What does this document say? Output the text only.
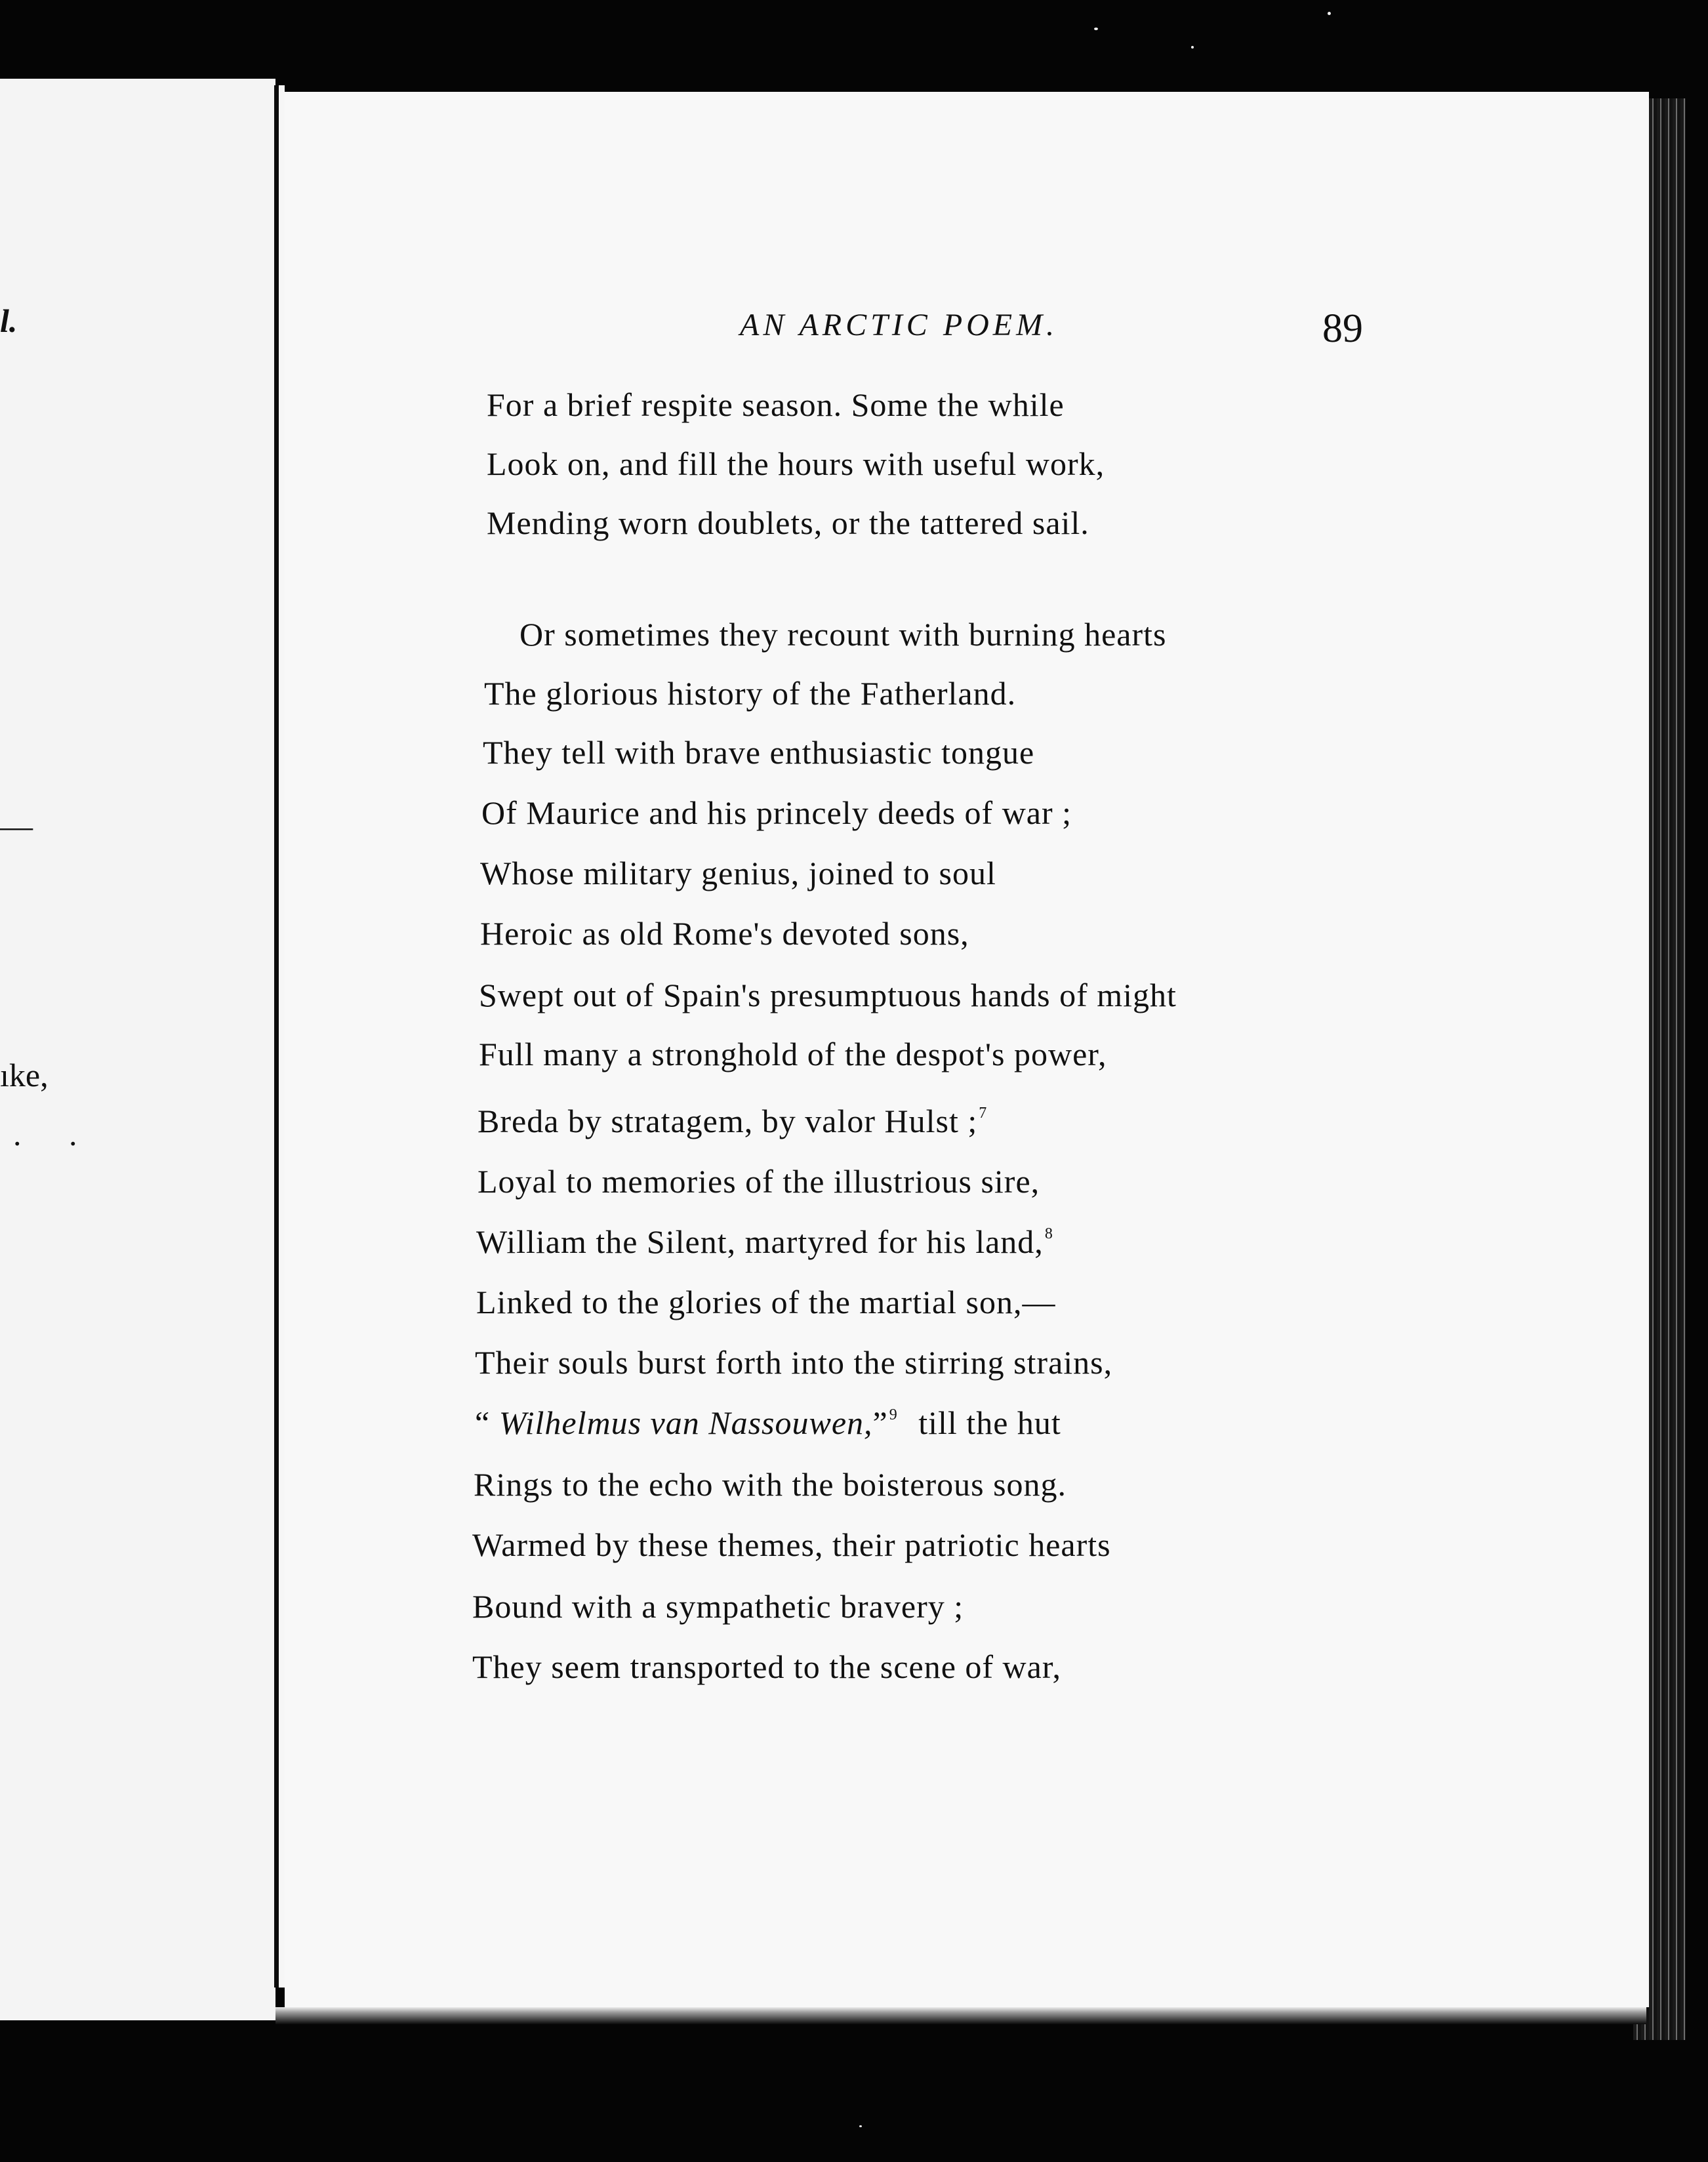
l.
—
ıke,
. .
AN ARCTIC POEM.	89
For a brief respite season. Some the while
Look on, and fill the hours with useful work,
Mending worn doublets, or the tattered sail.
Or sometimes they recount with burning hearts
The glorious history of the Fatherland.
They tell with brave enthusiastic tongue
Of Maurice and his princely deeds of war ;
Whose military genius, joined to soul
Heroic as old Rome's devoted sons,
Swept out of Spain's presumptuous hands of might
Full many a stronghold of the despot's power,
Breda by stratagem, by valor Hulst ;$^7$
Loyal to memories of the illustrious sire,
William the Silent, martyred for his land,$^8$
Linked to the glories of the martial son,—
Their souls burst forth into the stirring strains,
“ Wilhelmus van Nassouwen,”$^9$ till the hut
Rings to the echo with the boisterous song.
Warmed by these themes, their patriotic hearts
Bound with a sympathetic bravery ;
They seem transported to the scene of war,
